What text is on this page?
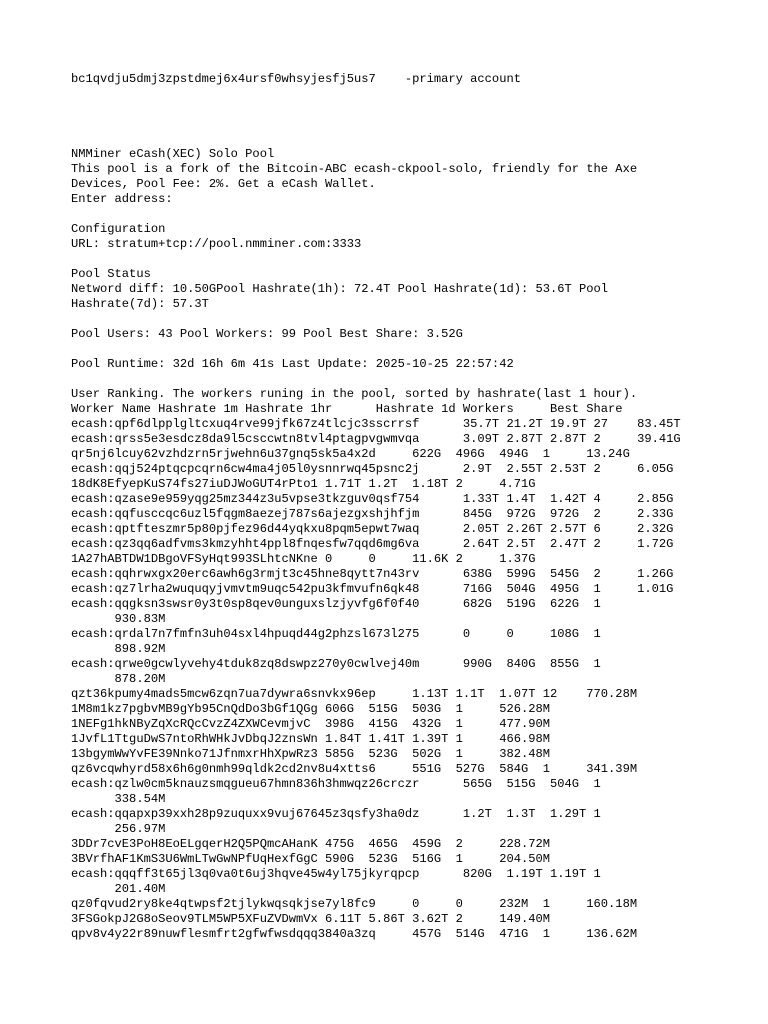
bc1qvdju5dmj3zpstdmej6x4ursf0whsyjesfj5us7    -primary account
NMMiner eCash(XEC) Solo Pool
This pool is a fork of the Bitcoin-ABC ecash-ckpool-solo, friendly for the Axe
Devices, Pool Fee: 2%. Get a eCash Wallet.
Enter address:
Configuration
URL: stratum+tcp://pool.nmminer.com:3333
Pool Status
Netword diff: 10.50GPool Hashrate(1h): 72.4T Pool Hashrate(1d): 53.6T Pool
Hashrate(7d): 57.3T
Pool Users: 43 Pool Workers: 99 Pool Best Share: 3.52G
Pool Runtime: 32d 16h 6m 41s Last Update: 2025-10-25 22:57:42
User Ranking. The workers runing in the pool, sorted by hashrate(last 1 hour).
Worker Name Hashrate 1m Hashrate 1hr      Hashrate 1d Workers     Best Share
ecash:qpf6dlpplgltcxuq4rve99jfk67z4tlcjc3sscrrsf      35.7T 21.2T 19.9T 27    83.45T
ecash:qrss5e3esdcz8da9l5csccwtn8tvl4ptagpvgwmvqa      3.09T 2.87T 2.87T 2     39.41G
qr5nj6lcuy62vzhdzrn5rjwehn6u37gnq5sk5a4x2d     622G  496G  494G  1     13.24G
ecash:qqj524ptqcpcqrn6cw4ma4j05l0ysnnrwq45psnc2j      2.9T  2.55T 2.53T 2     6.05G
18dK8EfyepKuS74fs27iuDJWoGUT4rPto1 1.71T 1.2T  1.18T 2     4.71G
ecash:qzase9e959yqg25mz344z3u5vpse3tkzguv0qsf754      1.33T 1.4T  1.42T 4     2.85G
ecash:qqfusccqc6uzl5fqgm8aezej787s6ajezgxshjhfjm      845G  972G  972G  2     2.33G
ecash:qptfteszmr5p80pjfez96d44yqkxu8pqm5epwt7waq      2.05T 2.26T 2.57T 6     2.32G
ecash:qz3qq6adfvms3kmzyhht4ppl8fnqesfw7qqd6mg6va      2.64T 2.5T  2.47T 2     1.72G
1A27hABTDW1DBgoVFSyHqt993SLhtcNKne 0     0     11.6K 2     1.37G
ecash:qqhrwxgx20erc6awh6g3rmjt3c45hne8qytt7n43rv      638G  599G  545G  2     1.26G
ecash:qz7lrha2wuquqyjvmvtm9uqc542pu3kfmvufn6qk48      716G  504G  495G  1     1.01G
ecash:qqgksn3swsr0y3t0sp8qev0unguxslzjyvfg6f0f40      682G  519G  622G  1
930.83M
ecash:qrdal7n7fmfn3uh04sxl4hpuqd44g2phzsl673l275      0     0     108G  1
898.92M
ecash:qrwe0gcwlyvehy4tduk8zq8dswpz270y0cwlvej40m      990G  840G  855G  1
878.20M
qzt36kpumy4mads5mcw6zqn7ua7dywra6snvkx96ep     1.13T 1.1T  1.07T 12    770.28M
1M8m1kz7pgbvMB9gYb95CnQdDo3bGf1QGg 606G  515G  503G  1     526.28M
1NEFg1hkNByZqXcRQcCvzZ4ZXWCevmjvC  398G  415G  432G  1     477.90M
1JvfL1TtguDwS7ntoRhWHkJvDbqJ2znsWn 1.84T 1.41T 1.39T 1     466.98M
13bgymWwYvFE39Nnko71JfnmxrHhXpwRz3 585G  523G  502G  1     382.48M
qz6vcqwhyrd58x6h6g0nmh99qldk2cd2nv8u4xtts6     551G  527G  584G  1     341.39M
ecash:qzlw0cm5knauzsmqgueu67hmn836h3hmwqz26crczr      565G  515G  504G  1
338.54M
ecash:qqapxp39xxh28p9zuquxx9vuj67645z3qsfy3ha0dz      1.2T  1.3T  1.29T 1
256.97M
3DDr7cvE3PoH8EoELgqerH2Q5PQmcAHanK 475G  465G  459G  2     228.72M
3BVrfhAF1KmS3U6WmLTwGwNPfUqHexfGgC 590G  523G  516G  1     204.50M
ecash:qqqff3t65jl3q0va0t6uj3hqve45w4yl75jkyrqpcp      820G  1.19T 1.19T 1
201.40M
qz0fqvud2ry8ke4qtwpsf2tjlykwqsqkjse7yl8fc9     0     0     232M  1     160.18M
3FSGokpJ2G8oSeov9TLM5WP5XFuZVDwmVx 6.11T 5.86T 3.62T 2     149.40M
qpv8v4y22r89nuwflesmfrt2gfwfwsdqqq3840a3zq     457G  514G  471G  1     136.62M
